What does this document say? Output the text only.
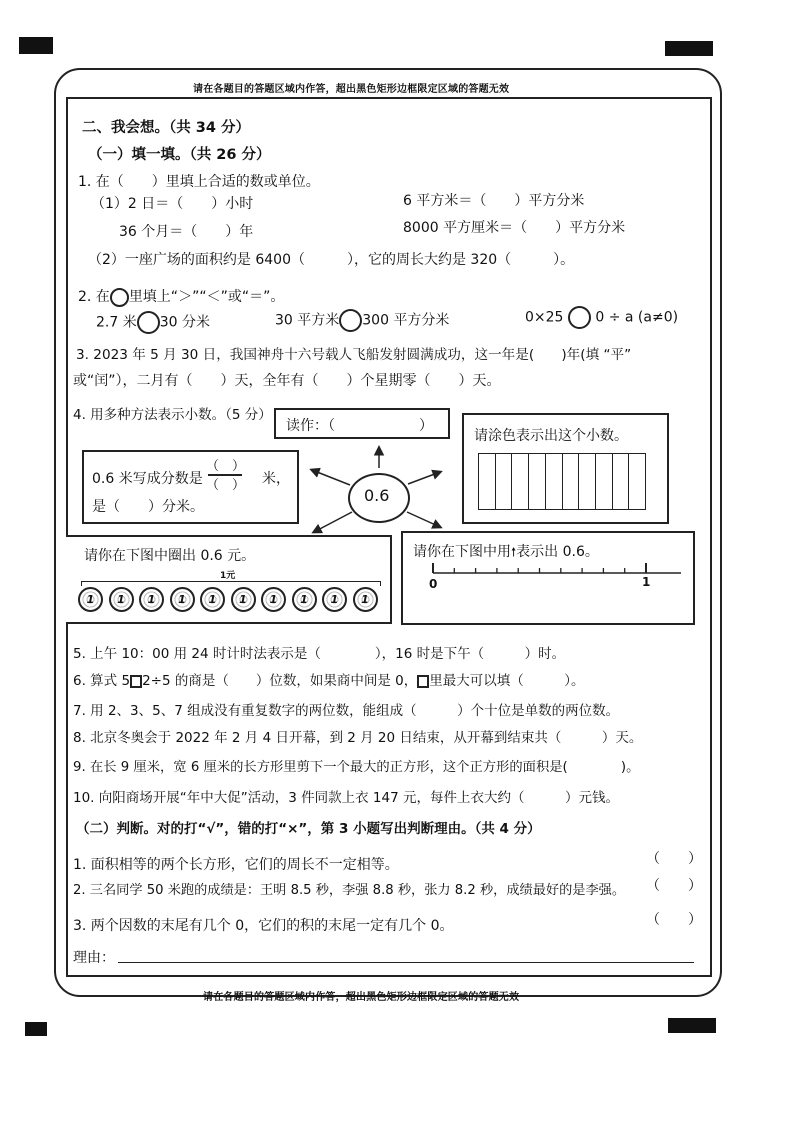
请在各题目的答题区域内作答，超出黑色矩形边框限定区域的答题无效
请在各题目的答题区域内作答，超出黑色矩形边框限定区域的答题无效
二、我会想。（共 34 分）
（一）填一填。（共 26 分）
1. 在（　　）里填上合适的数或单位。
（1）2 日＝（　　）小时	6 平方米＝（　　）平方分米
36 个月＝（　　）年	8000 平方厘米＝（　　）平方分米
（2）一座广场的面积约是 6400（　　　），它的周长大约是 320（　　　）。
2. 在 里填上“＞”“＜”或“＝”。
2.7 米 30 分米	30 平方米 300 平方分米	0×25 0 ÷ a (a≠0)
3. 2023 年 5 月 30 日，我国神舟十六号载人飞船发射圆满成功，这一年是(　　)年(填 “平”
或“闰”），二月有（　　）天，全年有（　　）个星期零（　　）天。
4. 用多种方法表示小数。（5 分）
读作：（　　　　　　）
0.6 米写成分数是
（　）
（　） 米，
是（　　）分米。
0.6
请涂色表示出这个小数。
请你在下图中圈出 0.6 元。
1元
1	1	1	1	1	1	1	1	1	1
请你在下图中用🠕表示出 0.6。
0	1
5. 上午 10：00 用 24 时计时法表示是（　　　　），16 时是下午（　　　）时。
6. 算式 5 2÷5 的商是（　　）位数，如果商中间是 0， 里最大可以填（　　　）。
7. 用 2、3、5、7 组成没有重复数字的两位数，能组成（　　　）个十位是单数的两位数。
8. 北京冬奥会于 2022 年 2 月 4 日开幕，到 2 月 20 日结束，从开幕到结束共（　　　）天。
9. 在长 9 厘米，宽 6 厘米的长方形里剪下一个最大的正方形，这个正方形的面积是(　　　　)。
10. 向阳商场开展“年中大促”活动，3 件同款上衣 147 元，每件上衣大约（　　　）元钱。
（二）判断。对的打“√”，错的打“×”，第 3 小题写出判断理由。（共 4 分）
1. 面积相等的两个长方形，它们的周长不一定相等。	（　　）
2. 三名同学 50 米跑的成绩是：王明 8.5 秒，李强 8.8 秒，张力 8.2 秒，成绩最好的是李强。 （　　）
3. 两个因数的末尾有几个 0，它们的积的末尾一定有几个 0。	（　　）
理由：
